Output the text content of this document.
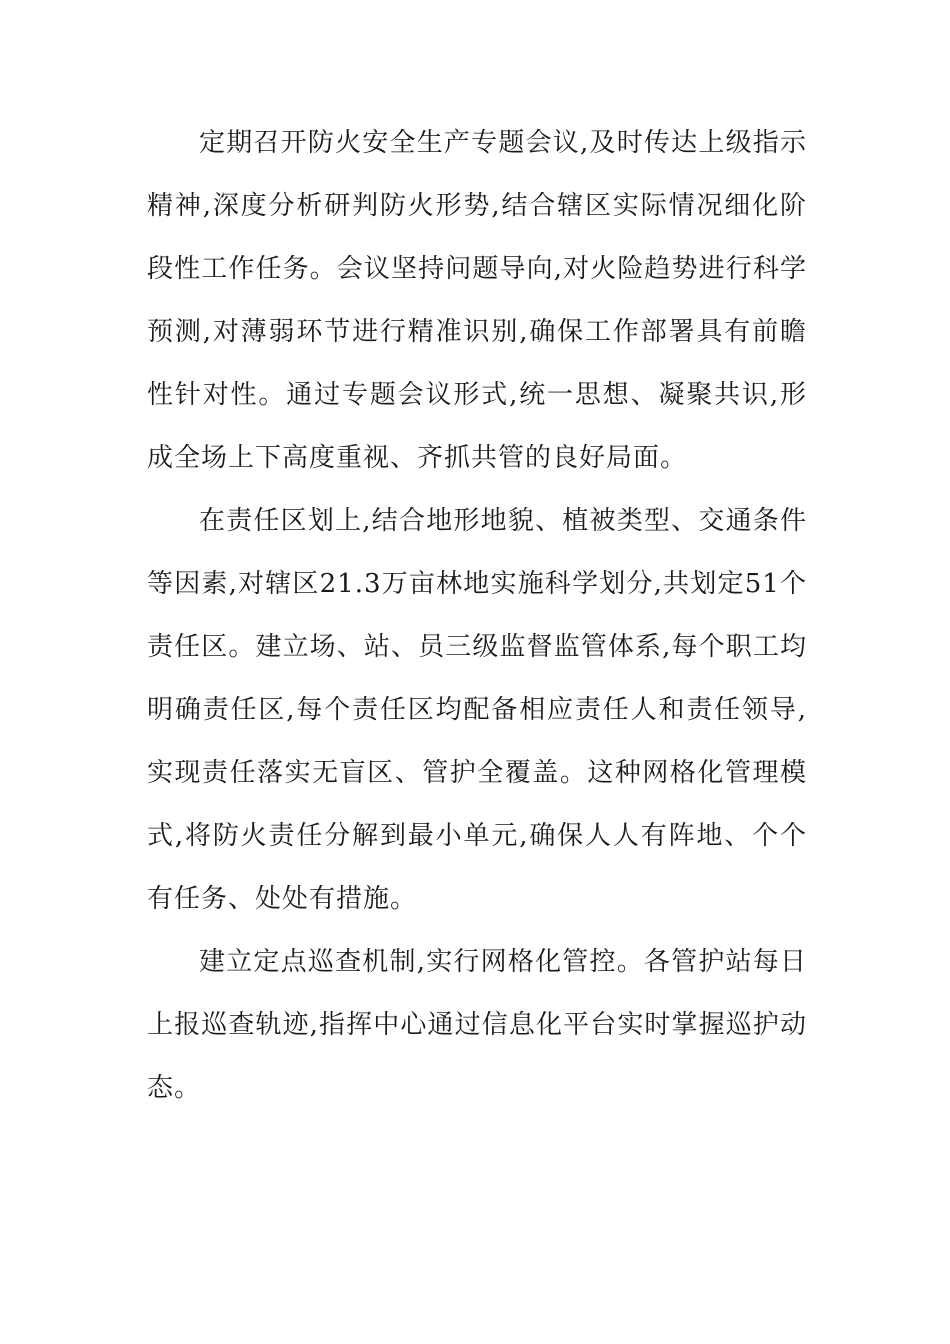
定期召开防火安全生产专题会议,及时传达上级指示精神,深度分析研判防火形势,结合辖区实际情况细化阶段性工作任务。会议坚持问题导向,对火险趋势进行科学预测,对薄弱环节进行精准识别,确保工作部署具有前瞻性针对性。通过专题会议形式,统一思想、凝聚共识,形成全场上下高度重视、齐抓共管的良好局面。

在责任区划上,结合地形地貌、植被类型、交通条件等因素,对辖区21.3万亩林地实施科学划分,共划定51个责任区。建立场、站、员三级监督监管体系,每个职工均明确责任区,每个责任区均配备相应责任人和责任领导,实现责任落实无盲区、管护全覆盖。这种网格化管理模式,将防火责任分解到最小单元,确保人人有阵地、个个有任务、处处有措施。

建立定点巡查机制,实行网格化管控。各管护站每日上报巡查轨迹,指挥中心通过信息化平台实时掌握巡护动态。
